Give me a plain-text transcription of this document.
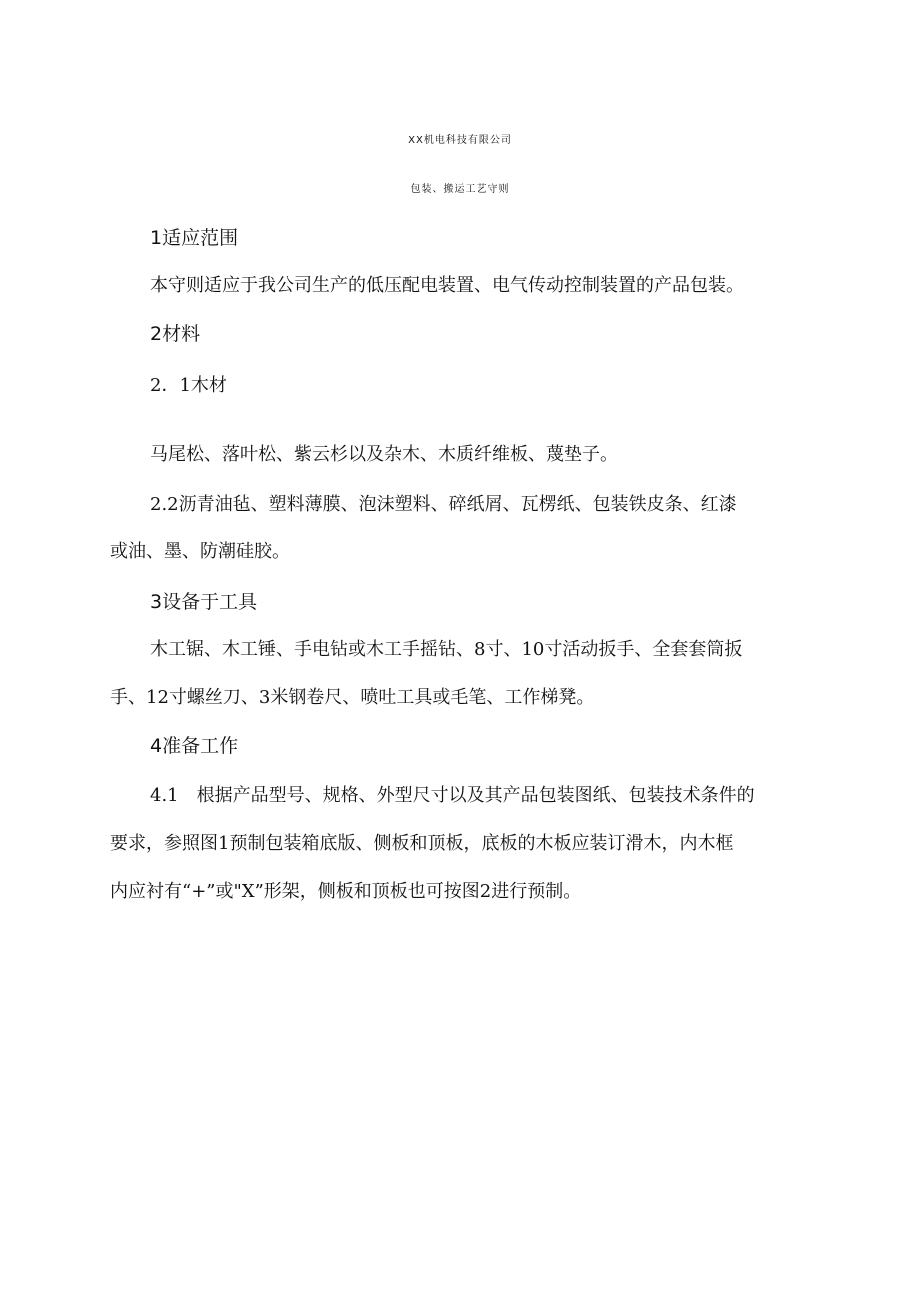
XX机电科技有限公司
包装、搬运工艺守则
1适应范围
本守则适应于我公司生产的低压配电装置、电气传动控制装置的产品包装。
2材料
2．1木材
马尾松、落叶松、紫云杉以及杂木、木质纤维板、蔑垫子。
2.2沥青油毡、塑料薄膜、泡沫塑料、碎纸屑、瓦楞纸、包装铁皮条、红漆
或油、墨、防潮硅胶。
3设备于工具
木工锯、木工锤、手电钻或木工手摇钻、8寸、10寸活动扳手、全套套筒扳
手、12寸螺丝刀、3米钢卷尺、喷吐工具或毛笔、工作梯凳。
4准备工作
4.1　根据产品型号、规格、外型尺寸以及其产品包装图纸、包装技术条件的
要求，参照图1预制包装箱底版、侧板和顶板，底板的木板应装订滑木，内木框
内应衬有“+”或"X”形架，侧板和顶板也可按图2进行预制。
